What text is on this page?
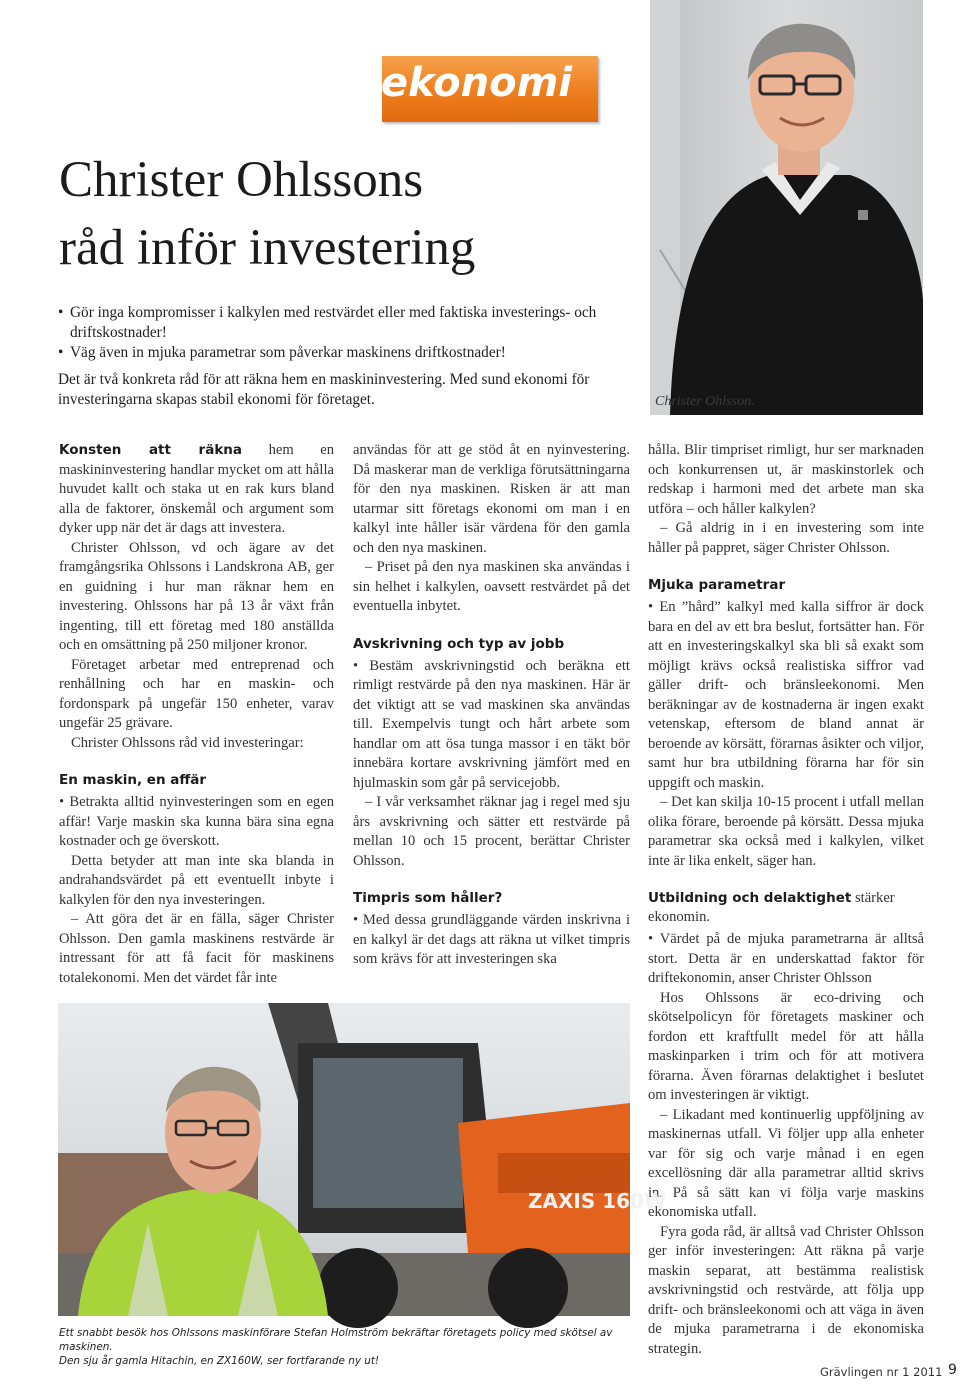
ekonomi
Christer Ohlssons
råd inför investering
• Gör inga kompromisser i kalkylen med restvärdet eller med faktiska investerings- och driftskostnader!
• Väg även in mjuka parametrar som påverkar maskinens driftkostnader!

Det är två konkreta råd för att räkna hem en maskininvestering. Med sund ekonomi för investeringarna skapas stabil ekonomi för företaget.	Christer Ohlsson.

Konsten att räkna hem en maskininvestering handlar mycket om att hålla huvudet kallt och staka ut en rak kurs bland alla de faktorer, önskemål och argument som dyker upp när det är dags att investera.

Christer Ohlsson, vd och ägare av det framgångsrika Ohlssons i Landskrona AB, ger en guidning i hur man räknar hem en investering. Ohlssons har på 13 år växt från ingenting, till ett företag med 180 anställda och en omsättning på 250 miljoner kronor.

Företaget arbetar med entreprenad och renhållning och har en maskin- och fordonspark på ungefär 150 enheter, varav ungefär 25 grävare.

Christer Ohlssons råd vid investeringar:

En maskin, en affär

• Betrakta alltid nyinvesteringen som en egen affär! Varje maskin ska kunna bära sina egna kostnader och ge överskott.

Detta betyder att man inte ska blanda in andrahandsvärdet på ett eventuellt inbyte i kalkylen för den nya investeringen.

– Att göra det är en fälla, säger Christer Ohlsson. Den gamla maskinens restvärde är intressant för att få facit för maskinens totalekonomi. Men det värdet får inte

användas för att ge stöd åt en nyinvestering. Då maskerar man de verkliga förutsättningarna för den nya maskinen. Risken är att man utarmar sitt företags ekonomi om man i en kalkyl inte håller isär värdena för den gamla och den nya maskinen.

– Priset på den nya maskinen ska användas i sin helhet i kalkylen, oavsett restvärdet på det eventuella inbytet.

Avskrivning och typ av jobb

• Bestäm avskrivningstid och beräkna ett rimligt restvärde på den nya maskinen. Här är det viktigt att se vad maskinen ska användas till. Exempelvis tungt och hårt arbete som handlar om att ösa tunga massor i en täkt bör innebära kortare avskrivning jämfört med en hjulmaskin som går på servicejobb.

– I vår verksamhet räknar jag i regel med sju års avskrivning och sätter ett restvärde på mellan 10 och 15 procent, berättar Christer Ohlsson.

Timpris som håller?

• Med dessa grundläggande värden inskrivna i en kalkyl är det dags att räkna ut vilket timpris som krävs för att investeringen ska

hålla. Blir timpriset rimligt, hur ser marknaden och konkurrensen ut, är maskinstorlek och redskap i harmoni med det arbete man ska utföra – och håller kalkylen?

– Gå aldrig in i en investering som inte håller på pappret, säger Christer Ohlsson.

Mjuka parametrar

• En ”hård” kalkyl med kalla siffror är dock bara en del av ett bra beslut, fortsätter han. För att en investeringskalkyl ska bli så exakt som möjligt krävs också realistiska siffror vad gäller drift- och bränsleekonomi. Men beräkningar av de kostnaderna är ingen exakt vetenskap, eftersom de bland annat är beroende av körsätt, förarnas åsikter och viljor, samt hur bra utbildning förarna har för sin uppgift och maskin.

– Det kan skilja 10-15 procent i utfall mellan olika förare, beroende på körsätt. Dessa mjuka parametrar ska också med i kalkylen, vilket inte är lika enkelt, säger han.

Utbildning och delaktighet stärker ekonomin.

• Värdet på de mjuka parametrarna är alltså stort. Detta är en underskattad faktor för driftekonomin, anser Christer Ohlsson

Hos Ohlssons är eco-driving och skötselpolicyn för företagets maskiner och fordon ett kraftfullt medel för att hålla maskinparken i trim och för att motivera förarna. Även förarnas delaktighet i beslutet om investeringen är viktigt.

– Likadant med kontinuerlig uppföljning av maskinernas utfall. Vi följer upp alla enheter var för sig och varje månad i en egen excellösning där alla parametrar alltid skrivs in. På så sätt kan vi följa varje maskins ekonomiska utfall.

Fyra goda råd, är alltså vad Christer Ohlsson ger inför investeringen: Att räkna på varje maskin separat, att bestämma realistisk avskrivningstid och restvärde, att följa upp drift- och bränsleekonomi och att väga in även de mjuka parametrarna i de ekonomiska strategin.

ZAXIS 160W
Ett snabbt besök hos Ohlssons maskinförare Stefan Holmström bekräftar företagets policy med skötsel av maskinen.
Den sju år gamla Hitachin, en ZX160W, ser fortfarande ny ut!
Grävlingen nr 1 2011 9
